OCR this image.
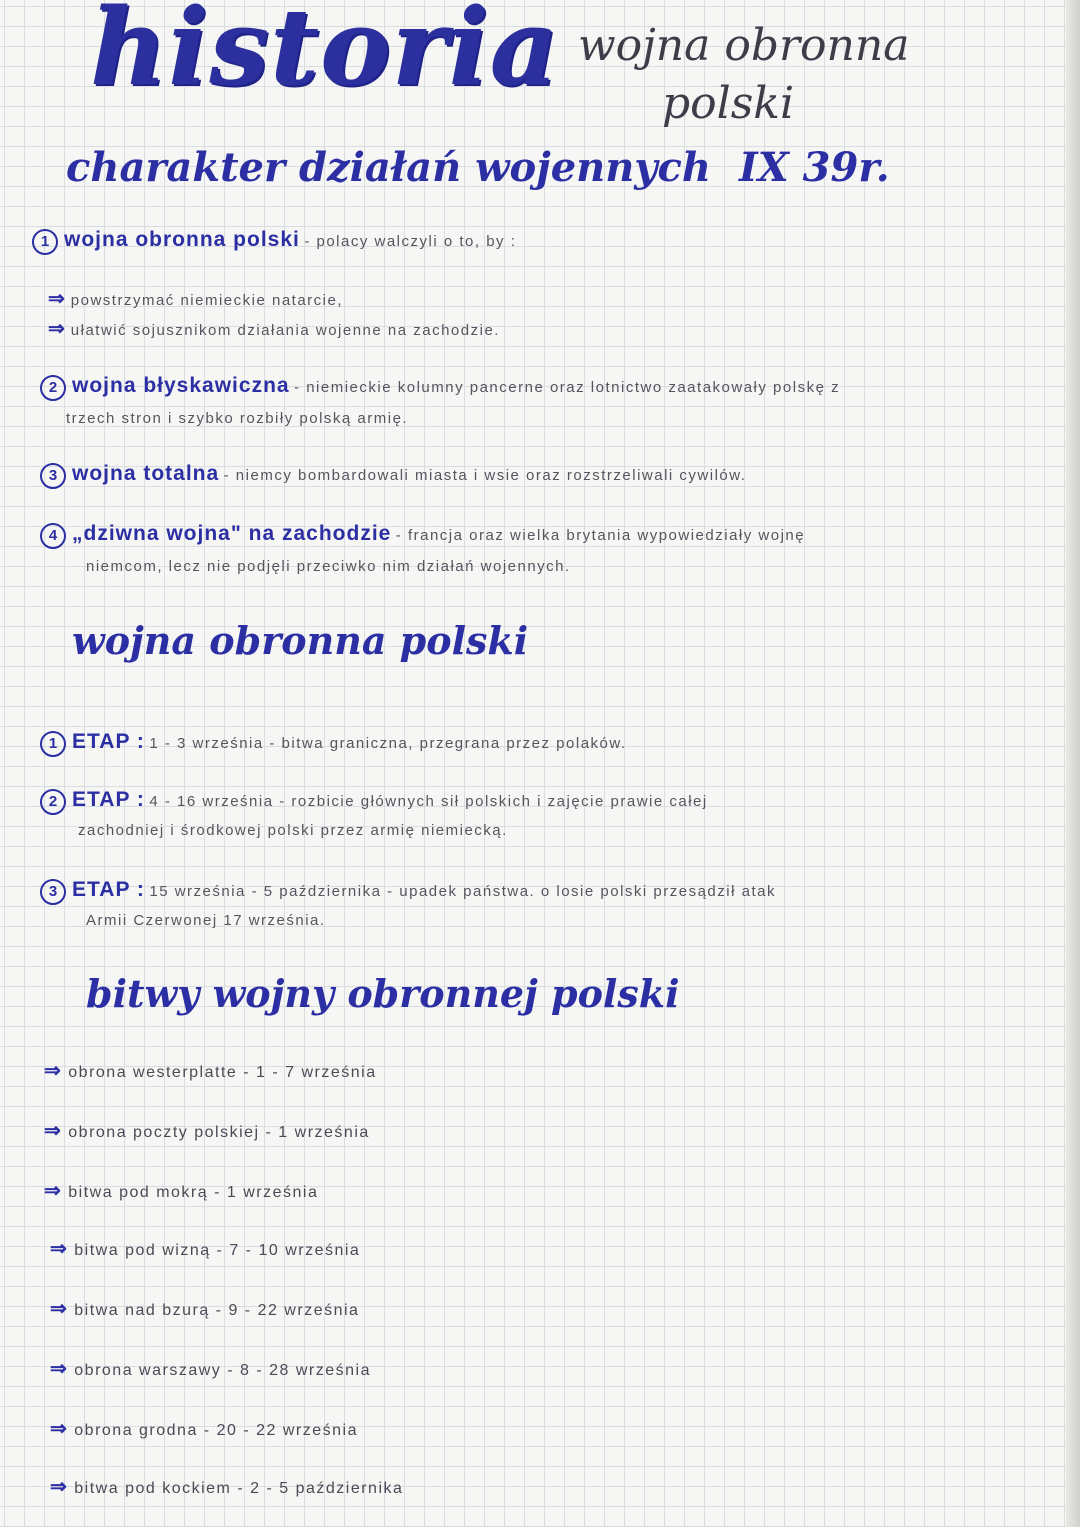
historia wojna obronna
polski
charakter działań wojennych IX 39r.
1 wojna obronna polski - polacy walczyli o to, by :
⇒ powstrzymać niemieckie natarcie,
⇒ ułatwić sojusznikom działania wojenne na zachodzie.
2 wojna błyskawiczna - niemieckie kolumny pancerne oraz lotnictwo zaatakowały polskę z
trzech stron i szybko rozbiły polską armię.
3 wojna totalna - niemcy bombardowali miasta i wsie oraz rozstrzeliwali cywilów.
4 „dziwna wojna" na zachodzie - francja oraz wielka brytania wypowiedziały wojnę
niemcom, lecz nie podjęli przeciwko nim działań wojennych.
wojna obronna polski
1 ETAP : 1 - 3 września - bitwa graniczna, przegrana przez polaków.
2 ETAP : 4 - 16 września - rozbicie głównych sił polskich i zajęcie prawie całej
zachodniej i środkowej polski przez armię niemiecką.
3 ETAP : 15 września - 5 października - upadek państwa. o losie polski przesądził atak
Armii Czerwonej 17 września.
bitwy wojny obronnej polski
⇒ obrona westerplatte - 1 - 7 września
⇒ obrona poczty polskiej - 1 września
⇒ bitwa pod mokrą - 1 września
⇒ bitwa pod wizną - 7 - 10 września
⇒ bitwa nad bzurą - 9 - 22 września
⇒ obrona warszawy - 8 - 28 września
⇒ obrona grodna - 20 - 22 września
⇒ bitwa pod kockiem - 2 - 5 października
